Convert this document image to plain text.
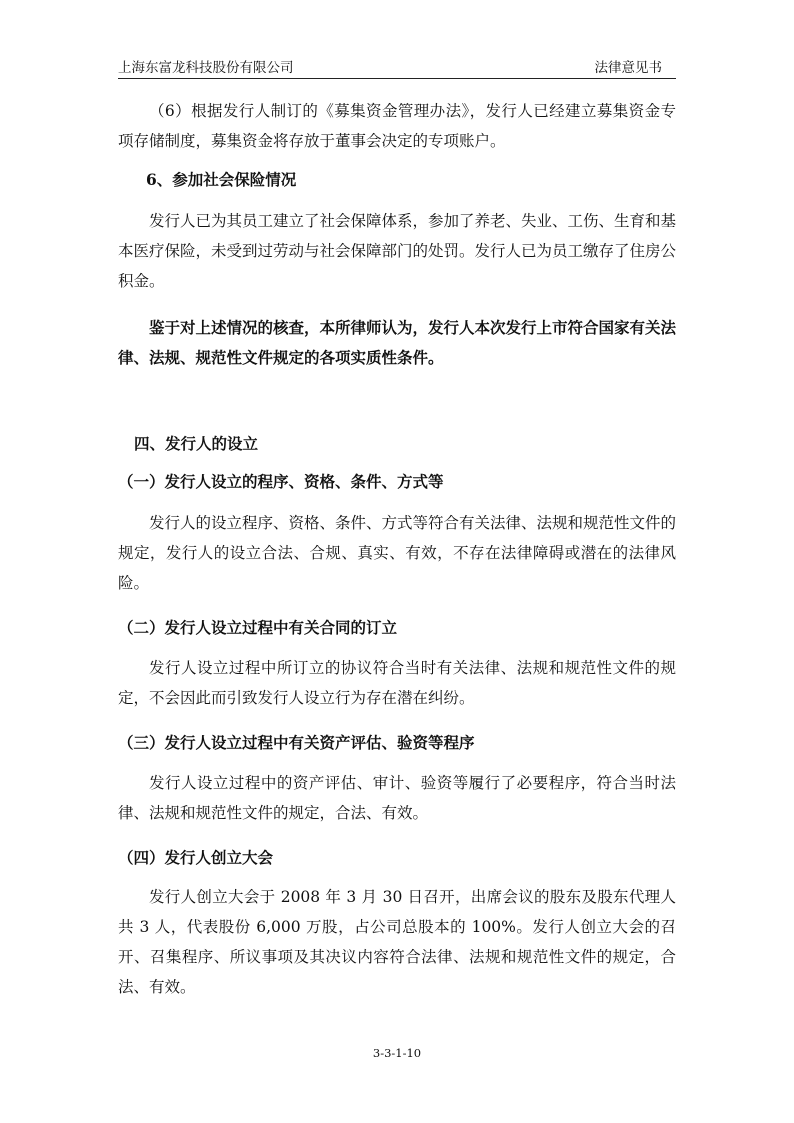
上海东富龙科技股份有限公司	法律意见书

（6）根据发行人制订的《募集资金管理办法》，发行人已经建立募集资金专项存储制度，募集资金将存放于董事会决定的专项账户。

6、参加社会保险情况

发行人已为其员工建立了社会保障体系，参加了养老、失业、工伤、生育和基本医疗保险，未受到过劳动与社会保障部门的处罚。发行人已为员工缴存了住房公积金。

鉴于对上述情况的核查，本所律师认为，发行人本次发行上市符合国家有关法律、法规、规范性文件规定的各项实质性条件。

四、发行人的设立
（一）发行人设立的程序、资格、条件、方式等

发行人的设立程序、资格、条件、方式等符合有关法律、法规和规范性文件的规定，发行人的设立合法、合规、真实、有效，不存在法律障碍或潜在的法律风险。

（二）发行人设立过程中有关合同的订立

发行人设立过程中所订立的协议符合当时有关法律、法规和规范性文件的规定，不会因此而引致发行人设立行为存在潜在纠纷。

（三）发行人设立过程中有关资产评估、验资等程序

发行人设立过程中的资产评估、审计、验资等履行了必要程序，符合当时法律、法规和规范性文件的规定，合法、有效。

（四）发行人创立大会

发行人创立大会于 2008 年 3 月 30 日召开，出席会议的股东及股东代理人共 3 人，代表股份 6,000 万股，占公司总股本的 100%。发行人创立大会的召开、召集程序、所议事项及其决议内容符合法律、法规和规范性文件的规定，合法、有效。

3-3-1-10
